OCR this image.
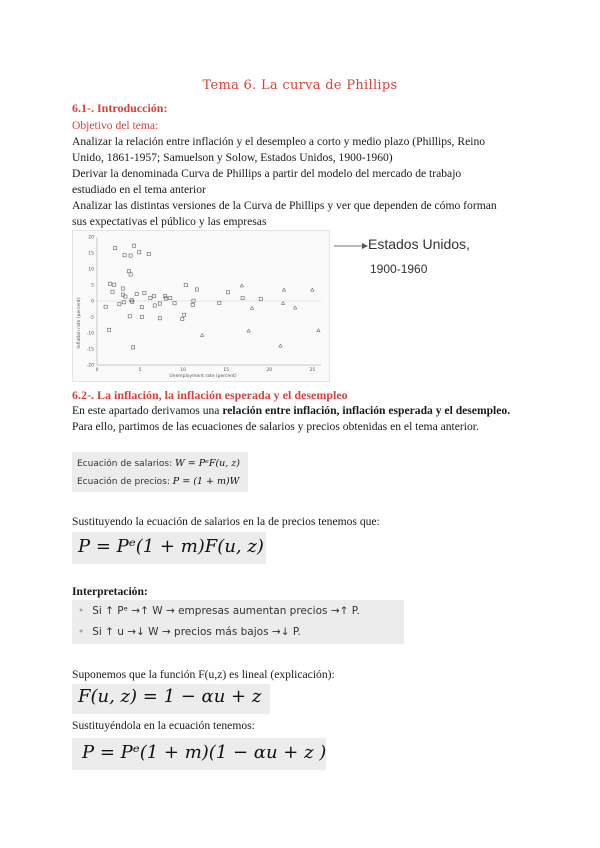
Tema 6. La curva de Phillips
6.1-. Introducción:
Objetivo del tema:
Analizar la relación entre inflación y el desempleo a corto y medio plazo (Phillips, Reino
Unido, 1861-1957; Samuelson y Solow, Estados Unidos, 1900-1960)
Derivar la denominada Curva de Phillips a partir del modelo del mercado de trabajo
estudiado en el tema anterior
Analizar las distintas versiones de la Curva de Phillips y ver que dependen de cómo forman
sus expectativas el público y las empresas
20
15
10
5
0
-5
-10
-15
-20
0	5	10	15	20	25
Inflation rate (percent)
Unemployment rate (percent)
Estados Unidos,
1900-1960
6.2-. La inflación, la inflación esperada y el desempleo
En este apartado derivamos una relación entre inflación, inflación esperada y el desempleo. Para ello, partimos de las ecuaciones de salarios y precios obtenidas en el tema anterior.
Ecuación de salarios: W = PᵉF(u, z)
Ecuación de precios: P = (1 + m)W
Sustituyendo la ecuación de salarios en la de precios tenemos que:
P = Pᵉ(1 + m)F(u, z)
Interpretación:
• Si ↑ Pᵉ →↑ W → empresas aumentan precios →↑ P.
• Si ↑ u →↓ W → precios más bajos →↓ P.
Suponemos que la función F(u,z) es lineal (explicación):
F(u, z) = 1 − αu + z
Sustituyéndola en la ecuación tenemos:
P = Pᵉ(1 + m)(1 − αu + z )
